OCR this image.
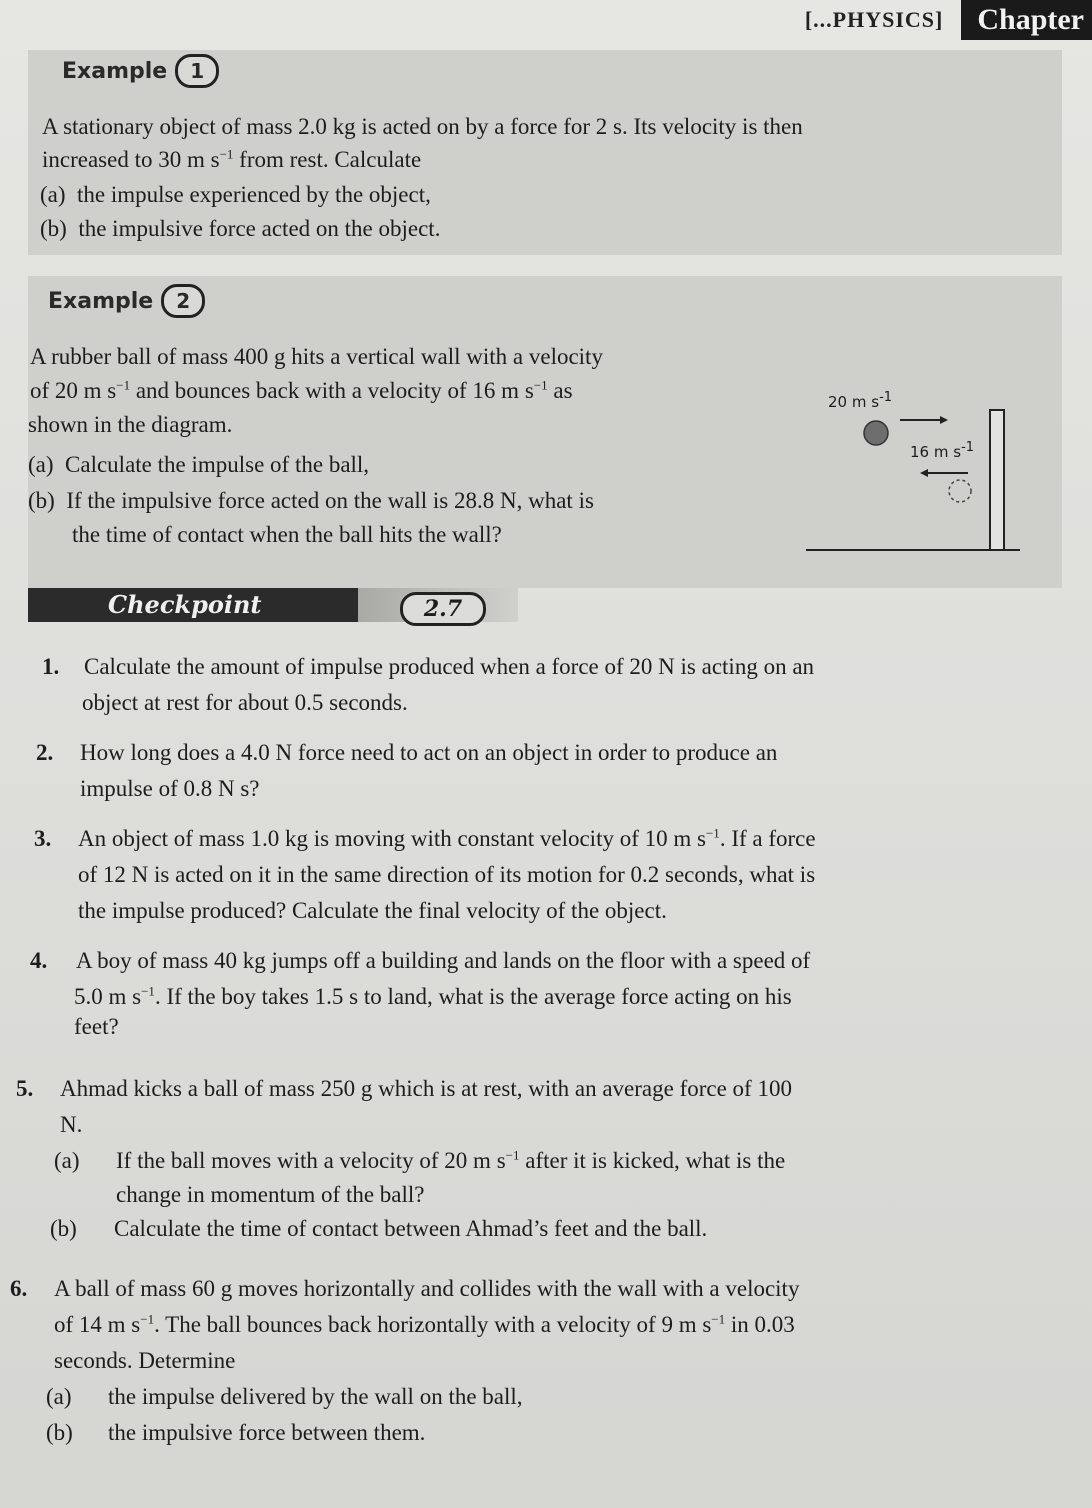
[...PHYSICS]	Chapter
Example	1
A stationary object of mass 2.0 kg is acted on by a force for 2 s. Its velocity is then
increased to 30 m $s^{-1}$ from rest. Calculate
(a) the impulse experienced by the object,
(b) the impulsive force acted on the object.
Example	2
A rubber ball of mass 400 g hits a vertical wall with a velocity
of 20 m $s^{-1}$ and bounces back with a velocity of 16 m $s^{-1}$ as
shown in the diagram.
(a) Calculate the impulse of the ball,
(b) If the impulsive force acted on the wall is 28.8 N, what is
the time of contact when the ball hits the wall?
20 m $s^{-1}$
16 m $s^{-1}$
Checkpoint	2.7
1. Calculate the amount of impulse produced when a force of 20 N is acting on an
object at rest for about 0.5 seconds.
2. How long does a 4.0 N force need to act on an object in order to produce an
impulse of 0.8 N s?
3. An object of mass 1.0 kg is moving with constant velocity of 10 m $s^{-1}$. If a force
of 12 N is acted on it in the same direction of its motion for 0.2 seconds, what is
the impulse produced? Calculate the final velocity of the object.
4. A boy of mass 40 kg jumps off a building and lands on the floor with a speed of
5.0 m $s^{-1}$. If the boy takes 1.5 s to land, what is the average force acting on his
feet?
5. Ahmad kicks a ball of mass 250 g which is at rest, with an average force of 100
N.
(a) If the ball moves with a velocity of 20 m $s^{-1}$ after it is kicked, what is the
change in momentum of the ball?
(b) Calculate the time of contact between Ahmad’s feet and the ball.
6. A ball of mass 60 g moves horizontally and collides with the wall with a velocity
of 14 m $s^{-1}$. The ball bounces back horizontally with a velocity of 9 m $s^{-1}$ in 0.03
seconds. Determine
(a) the impulse delivered by the wall on the ball,
(b) the impulsive force between them.
